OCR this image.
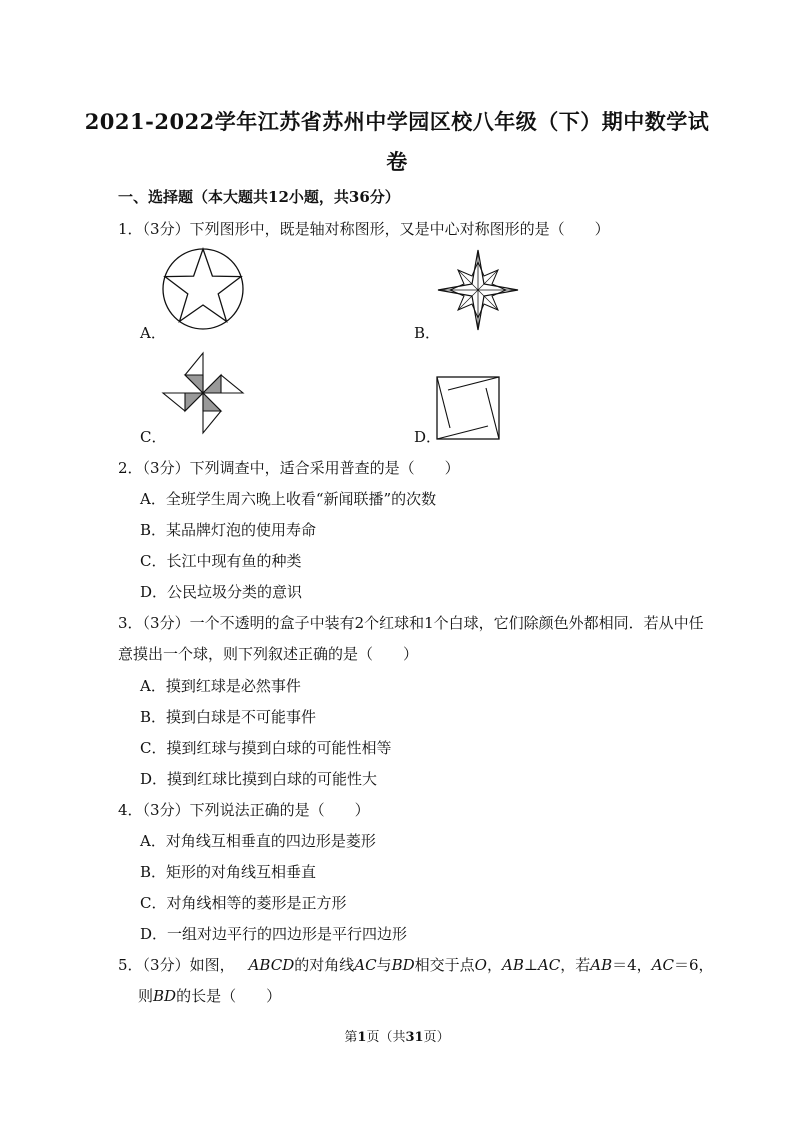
2021-2022学年江苏省苏州中学园区校八年级（下）期中数学试
卷
一、选择题（本大题共12小题，共36分）
1．（3分）下列图形中，既是轴对称图形，又是中心对称图形的是（　　）
A．	B．
C．	D．
2．（3分）下列调查中，适合采用普查的是（　　）
A．全班学生周六晚上收看“新闻联播”的次数
B．某品牌灯泡的使用寿命
C．长江中现有鱼的种类
D．公民垃圾分类的意识
3．（3分）一个不透明的盒子中装有2个红球和1个白球，它们除颜色外都相同．若从中任
意摸出一个球，则下列叙述正确的是（　　）
A．摸到红球是必然事件
B．摸到白球是不可能事件
C．摸到红球与摸到白球的可能性相等
D．摸到红球比摸到白球的可能性大
4．（3分）下列说法正确的是（　　）
A．对角线互相垂直的四边形是菱形
B．矩形的对角线互相垂直
C．对角线相等的菱形是正方形
D．一组对边平行的四边形是平行四边形
5．（3分）如图， ABCD的对角线AC与BD相交于点O，AB⊥AC，若AB＝4，AC＝6，
则BD的长是（　　）
第1页（共31页）
